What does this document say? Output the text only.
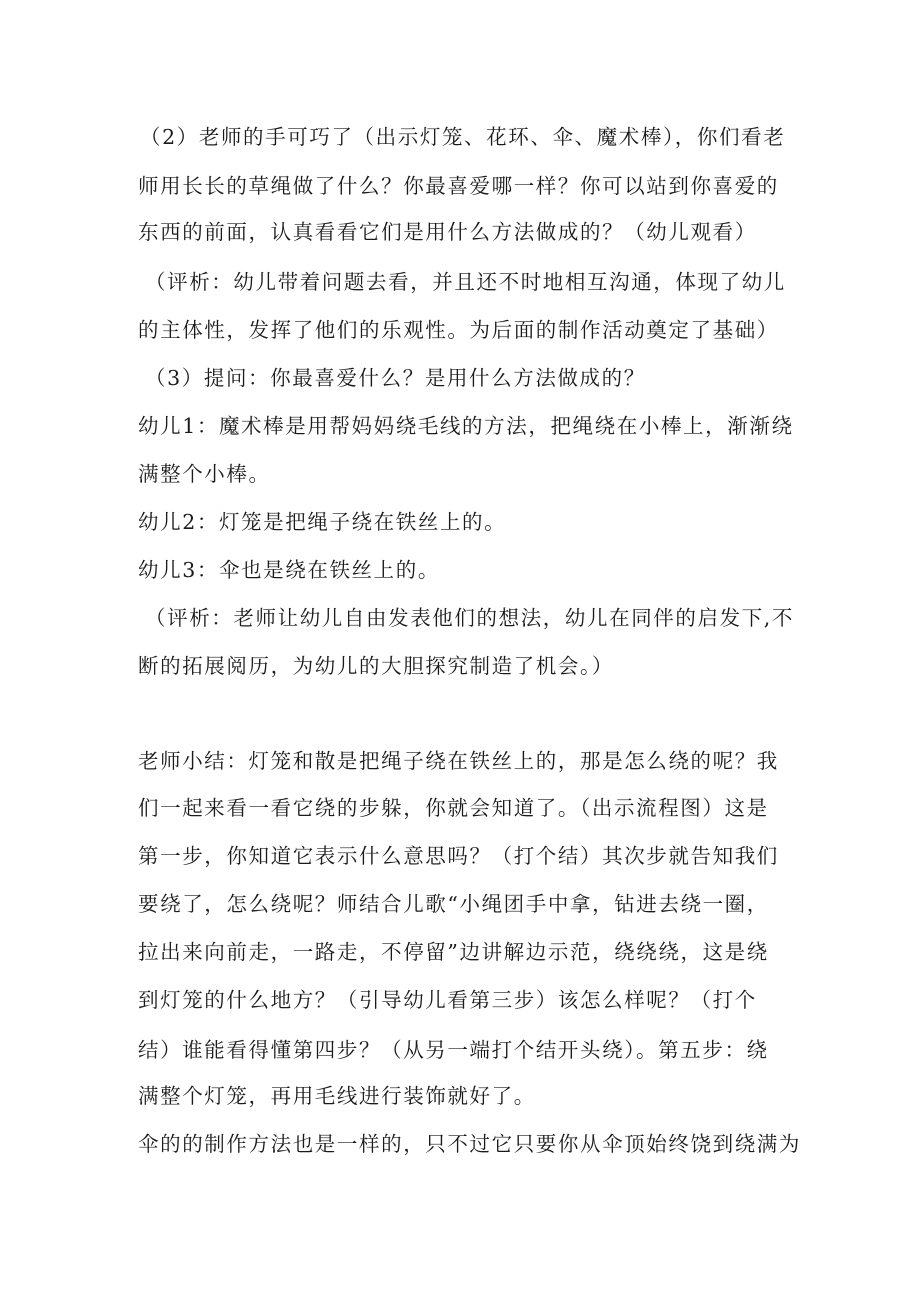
（2）老师的手可巧了（出示灯笼、花环、伞、魔术棒），你们看老
师用长长的草绳做了什么？你最喜爱哪一样？你可以站到你喜爱的
东西的前面，认真看看它们是用什么方法做成的？（幼儿观看）
（评析：幼儿带着问题去看，并且还不时地相互沟通，体现了幼儿
的主体性，发挥了他们的乐观性。为后面的制作活动奠定了基础）
（3）提问：你最喜爱什么？是用什么方法做成的？
幼儿1：魔术棒是用帮妈妈绕毛线的方法，把绳绕在小棒上，渐渐绕
满整个小棒。
幼儿2：灯笼是把绳子绕在铁丝上的。
幼儿3：伞也是绕在铁丝上的。
（评析：老师让幼儿自由发表他们的想法，幼儿在同伴的启发下,不
断的拓展阅历，为幼儿的大胆探究制造了机会。）
老师小结：灯笼和散是把绳子绕在铁丝上的，那是怎么绕的呢？我
们一起来看一看它绕的步躲，你就会知道了。（出示流程图）这是
第一步，你知道它表示什么意思吗？（打个结）其次步就告知我们
要绕了，怎么绕呢？师结合儿歌“小绳团手中拿，钻进去绕一圈，
拉出来向前走，一路走，不停留”边讲解边示范，绕绕绕，这是绕
到灯笼的什么地方？（引导幼儿看第三步）该怎么样呢？（打个
结）谁能看得懂第四步？（从另一端打个结开头绕）。第五步：绕
满整个灯笼，再用毛线进行装饰就好了。
伞的的制作方法也是一样的，只不过它只要你从伞顶始终饶到绕满为
